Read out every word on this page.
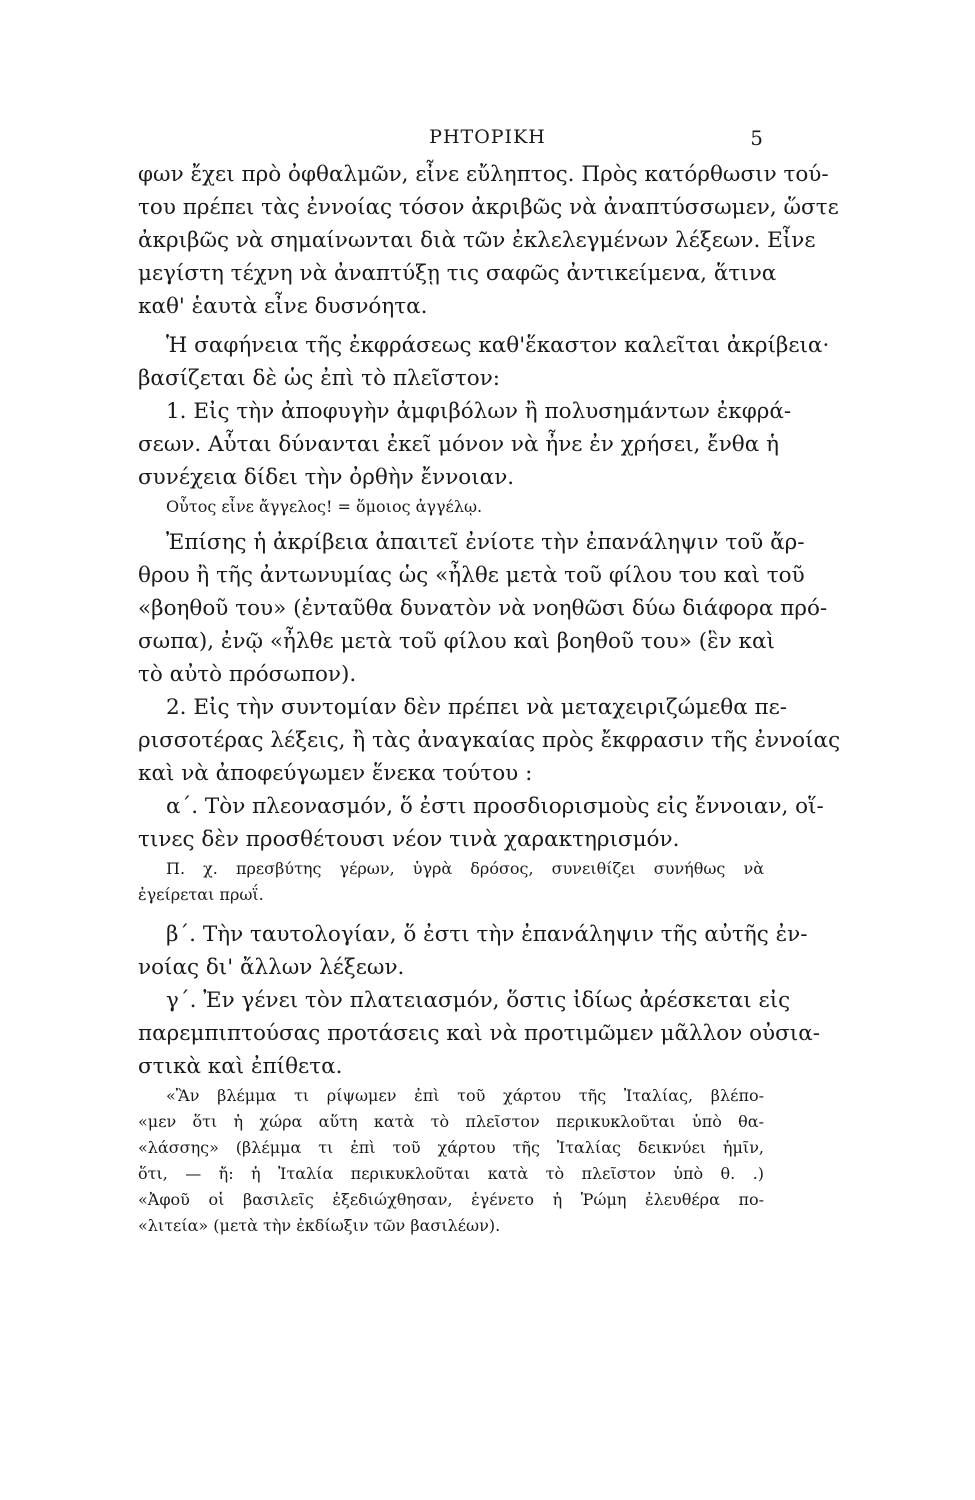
ΡΗΤΟΡΙΚΗ	5
φων ἔχει πρὸ ὀφθαλμῶν, εἶνε εὔληπτος. Πρὸς κατόρθωσιν τού-
του πρέπει τὰς ἐννοίας τόσον ἀκριβῶς νὰ ἀναπτύσσωμεν, ὥστε
ἀκριβῶς νὰ σημαίνωνται διὰ τῶν ἐκλελεγμένων λέξεων. Εἶνε
μεγίστη τέχνη νὰ ἀναπτύξῃ τις σαφῶς ἀντικείμενα, ἅτινα
καθ' ἑαυτὰ εἶνε δυσνόητα.
Ἡ σαφήνεια τῆς ἐκφράσεως καθ'ἕκαστον καλεῖται ἀκρίβεια·
βασίζεται δὲ ὡς ἐπὶ τὸ πλεῖστον:
1. Εἰς τὴν ἀποφυγὴν ἀμφιβόλων ἢ πολυσημάντων ἐκφρά-
σεων. Αὗται δύνανται ἐκεῖ μόνον νὰ ἦνε ἐν χρήσει, ἔνθα ἡ
συνέχεια δίδει τὴν ὀρθὴν ἔννοιαν.
Οὗτος εἶνε ἄγγελος! = ὅμοιος ἀγγέλῳ.
Ἐπίσης ἡ ἀκρίβεια ἀπαιτεῖ ἐνίοτε τὴν ἐπανάληψιν τοῦ ἄρ-
θρου ἢ τῆς ἀντωνυμίας ὡς «ἦλθε μετὰ τοῦ φίλου του καὶ τοῦ
«βοηθοῦ του» (ἐνταῦθα δυνατὸν νὰ νοηθῶσι δύω διάφορα πρό-
σωπα), ἐνῷ «ἦλθε μετὰ τοῦ φίλου καὶ βοηθοῦ του» (ἓν καὶ
τὸ αὐτὸ πρόσωπον).
2. Εἰς τὴν συντομίαν δὲν πρέπει νὰ μεταχειριζώμεθα πε-
ρισσοτέρας λέξεις, ἢ τὰς ἀναγκαίας πρὸς ἔκφρασιν τῆς ἐννοίας
καὶ νὰ ἀποφεύγωμεν ἕνεκα τούτου :
α΄. Τὸν πλεονασμόν, ὅ ἐστι προσδιορισμοὺς εἰς ἔννοιαν, οἵ-
τινες δὲν προσθέτουσι νέον τινὰ χαρακτηρισμόν.
Π. χ. πρεσβύτης γέρων, ὑγρὰ δρόσος, συνειθίζει συνήθως νὰ
ἐγείρεται πρωΐ.
β΄. Τὴν ταυτολογίαν, ὅ ἐστι τὴν ἐπανάληψιν τῆς αὐτῆς ἐν-
νοίας δι' ἄλλων λέξεων.
γ΄. Ἐν γένει τὸν πλατειασμόν, ὅστις ἰδίως ἀρέσκεται εἰς
παρεμπιπτούσας προτάσεις καὶ νὰ προτιμῶμεν μᾶλλον οὐσια-
στικὰ καὶ ἐπίθετα.
«Ἂν βλέμμα τι ρίψωμεν ἐπὶ τοῦ χάρτου τῆς Ἰταλίας, βλέπο-
«μεν ὅτι ἡ χώρα αὕτη κατὰ τὸ πλεῖστον περικυκλοῦται ὑπὸ θα-
«λάσσης» (βλέμμα τι ἐπὶ τοῦ χάρτου τῆς Ἰταλίας δεικνύει ἡμῖν,
ὅτι, — ἤ: ἡ Ἰταλία περικυκλοῦται κατὰ τὸ πλεῖστον ὑπὸ θ. .)
«Ἀφοῦ οἱ βασιλεῖς ἐξεδιώχθησαν, ἐγένετο ἡ Ῥώμη ἐλευθέρα πο-
«λιτεία» (μετὰ τὴν ἐκδίωξιν τῶν βασιλέων).
